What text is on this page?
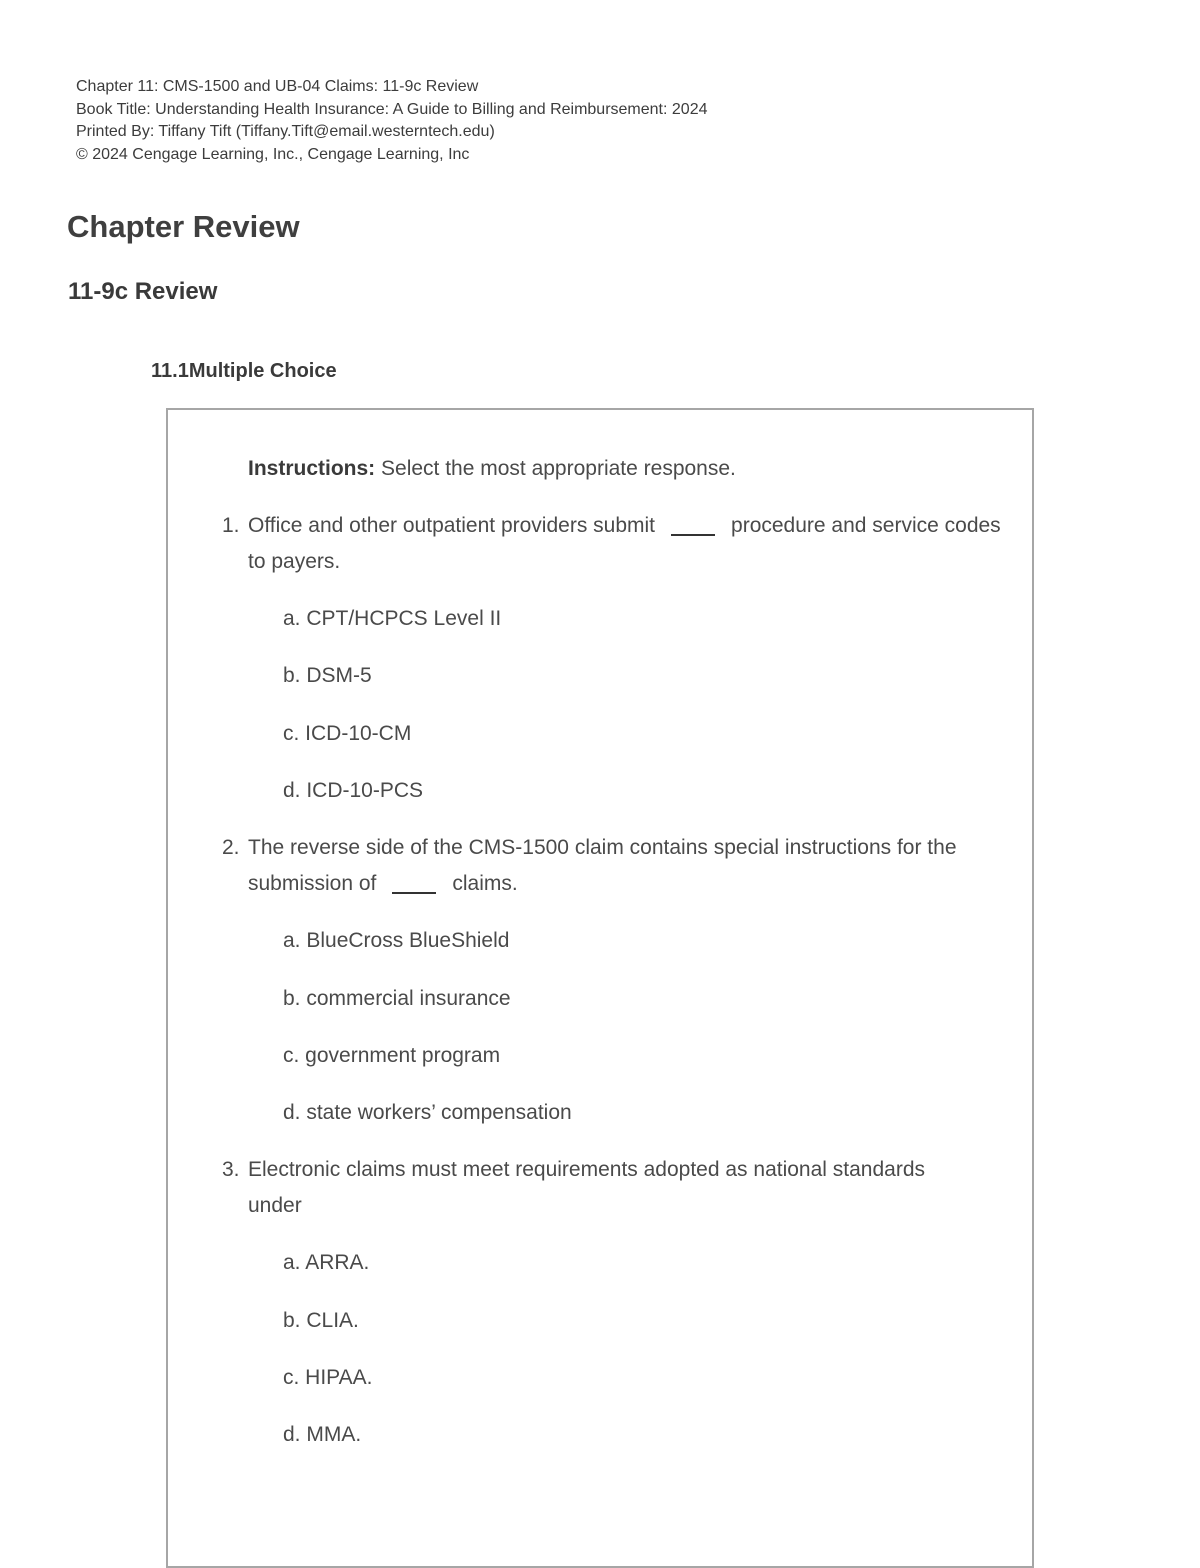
Chapter 11: CMS-1500 and UB-04 Claims: 11-9c Review
Book Title: Understanding Health Insurance: A Guide to Billing and Reimbursement: 2024
Printed By: Tiffany Tift (Tiffany.Tift@email.westerntech.edu)
© 2024 Cengage Learning, Inc., Cengage Learning, Inc
Chapter Review
11-9c Review
11.1Multiple Choice
Instructions: Select the most appropriate response.
1. Office and other outpatient providers submit	procedure and service codes to payers.
a. CPT/HCPCS Level II
b. DSM-5
c. ICD-10-CM
d. ICD-10-PCS
2. The reverse side of the CMS-1500 claim contains special instructions for the submission of	claims.
a. BlueCross BlueShield
b. commercial insurance
c. government program
d. state workers’ compensation
3. Electronic claims must meet requirements adopted as national standards under
a. ARRA.
b. CLIA.
c. HIPAA.
d. MMA.
